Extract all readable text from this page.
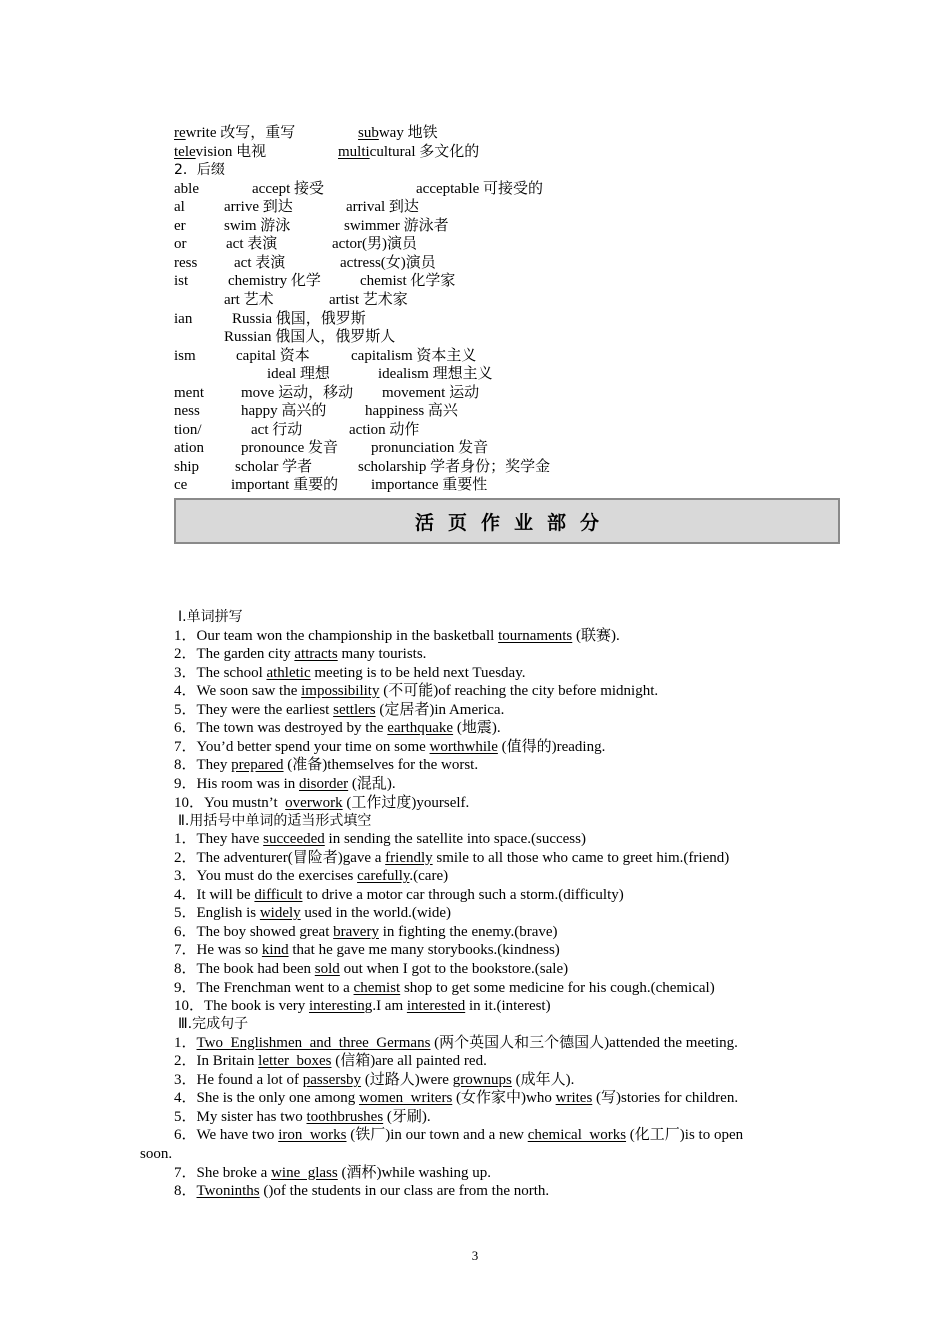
rewrite 改写，重写	subway 地铁
television 电视	multicultural 多文化的
2．后缀
able	accept 接受	acceptable 可接受的
al	arrive 到达	arrival 到达
er	swim 游泳	swimmer 游泳者
or	act 表演	actor(男)演员
ress act 表演	actress(女)演员
ist	chemistry 化学	chemist 化学家
art 艺术	artist 艺术家
ian	Russia 俄国，俄罗斯
Russian 俄国人，俄罗斯人
ism	capital 资本	capitalism 资本主义
ideal 理想	idealism 理想主义
ment move 运动，移动 movement 运动
ness	happy 高兴的	happiness 高兴
tion/	act 行动	action 动作
ation pronounce 发音 pronunciation 发音
ship scholar 学者	scholarship 学者身份；奖学金
ce	important 重要的 importance 重要性
Ⅰ.单词拼写
1．Our team won the championship in the basketball tournaments (联赛).
2．The garden city attracts many tourists.
3．The school athletic meeting is to be held next Tuesday.
4．We soon saw the impossibility (不可能)of reaching the city before midnight.
5．They were the earliest settlers (定居者)in America.
6．The town was destroyed by the earthquake (地震).
7．You’d better spend your time on some worthwhile (值得的)reading.
8．They prepared (准备)themselves for the worst.
9．His room was in disorder (混乱).
10．You mustn’t  overwork (工作过度)yourself.
Ⅱ.用括号中单词的适当形式填空
1．They have succeeded in sending the satellite into space.(success)
2．The adventurer(冒险者)gave a friendly smile to all those who came to greet him.(friend)
3．You must do the exercises carefully.(care)
4．It will be difficult to drive a motor car through such a storm.(difficulty)
5．English is widely used in the world.(wide)
6．The boy showed great bravery in fighting the enemy.(brave)
7．He was so kind that he gave me many storybooks.(kindness)
8．The book had been sold out when I got to the bookstore.(sale)
9．The Frenchman went to a chemist shop to get some medicine for his cough.(chemical)
10．The book is very interesting.I am interested in it.(interest)
Ⅲ.完成句子
1．Two  Englishmen  and  three  Germans (两个英国人和三个德国人)attended the meeting.
2．In Britain letter  boxes (信箱)are all painted red.
3．He found a lot of passersby (过路人)were grownups (成年人).
4．She is the only one among women  writers (女作家中)who writes (写)stories for children.
5．My sister has two toothbrushes (牙刷).
6．We have two iron  works (铁厂)in our town and a new chemical  works (化工厂)is to open
soon.
7．She broke a wine  glass (酒杯)while washing up.
8．Twoninths ()of the students in our class are from the north.
活页作业部分
3
